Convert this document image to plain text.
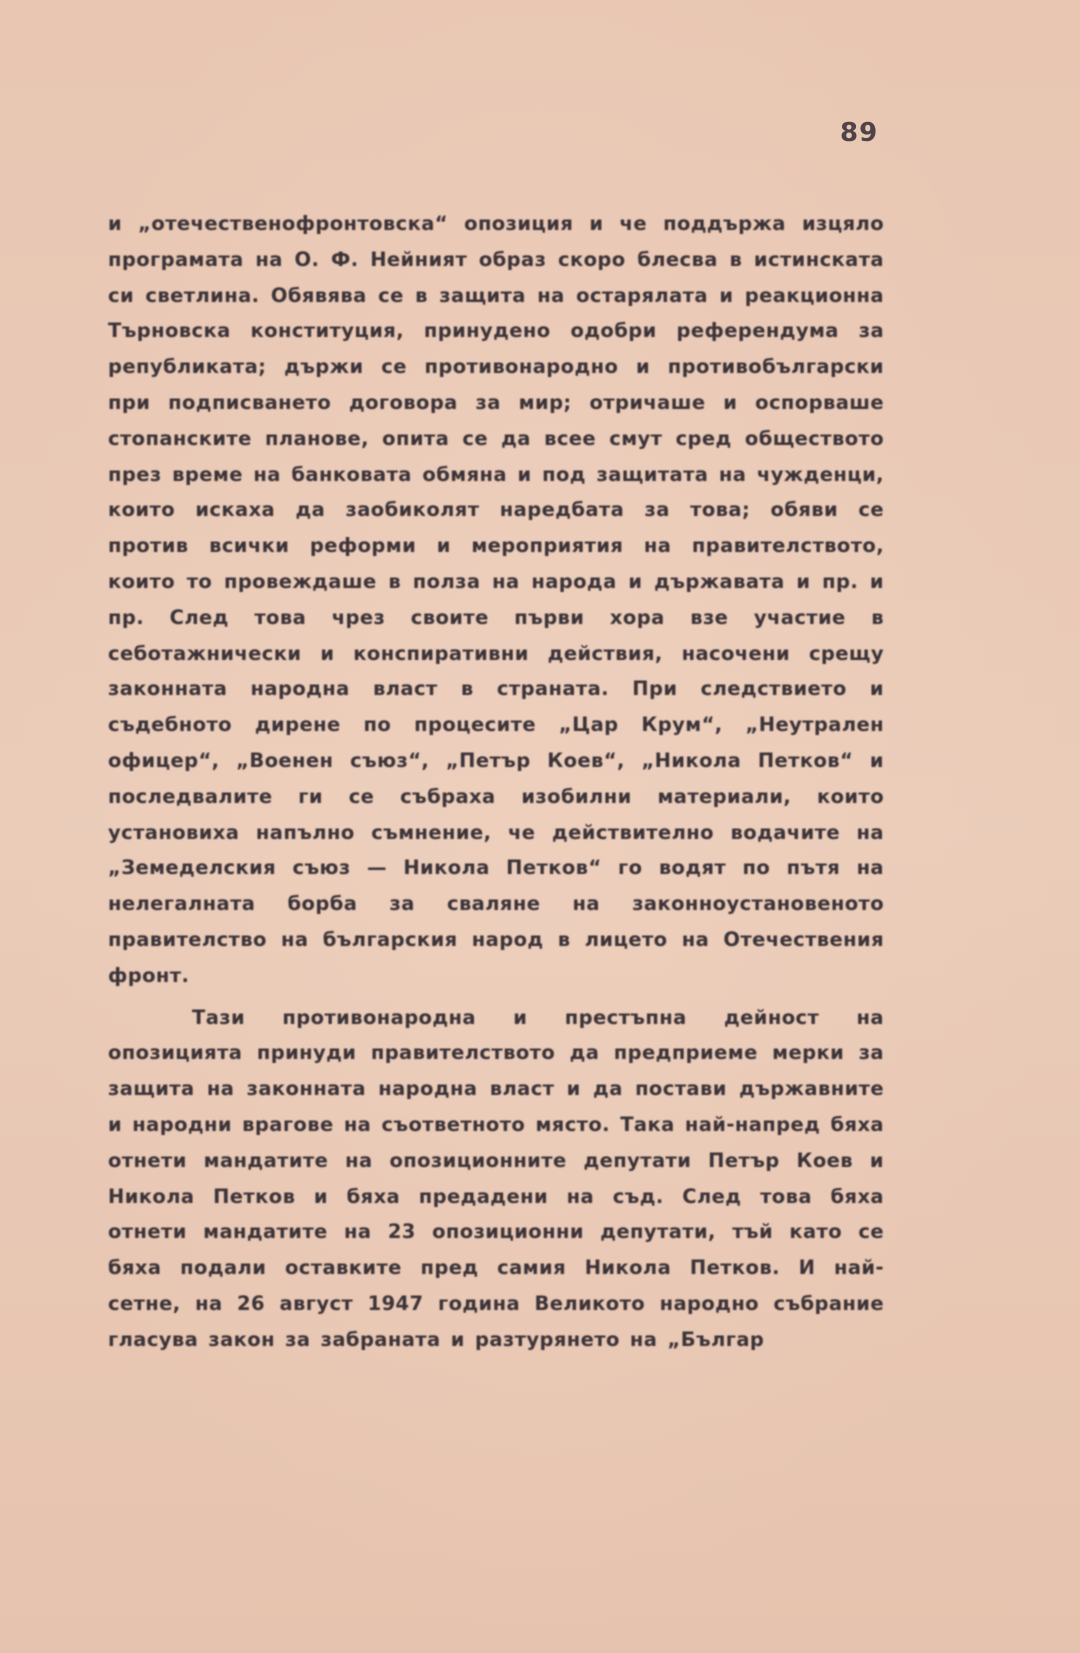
89

и „отечественофронтовска“ опозиция и че поддържа изцяло програмата на О. Ф. Нейният образ скоро блесва в истинската си светлина. Обявява се в защита на остарялата и реакционна Търновска конституция, принудено одобри референдума за републиката; държи се противонародно и противобългарски при подписването договора за мир; отричаше и оспорваше стопанските планове, опита се да всее смут сред обществото през време на банковата обмяна и под защитата на чужденци, които искаха да заобиколят наредбата за това; обяви се против всички реформи и мероприятия на правителството, които то провеждаше в полза на народа и държавата и пр. и пр. След това чрез своите първи хора взе участие в себотажнически и конспиративни действия, насочени срещу законната народна власт в страната. При следствието и съдебното дирене по процесите „Цар Крум“, „Неутрален офицер“, „Военен съюз“, „Петър Коев“, „Никола Петков“ и последвалите ги се събраха изобилни материали, които установиха напълно съмнение, че действително водачите на „Земеделския съюз — Никола Петков“ го водят по пътя на нелегалната борба за сваляне на законноустановеното правителство на българския народ в лицето на Отечествения фронт.

Тази противонародна и престъпна дейност на опозицията принуди правителството да предприеме мерки за защита на законната народна власт и да постави държавните и народни врагове на съответното място. Така най-напред бяха отнети мандатите на опозиционните депутати Петър Коев и Никола Петков и бяха предадени на съд. След това бяха отнети мандатите на 23 опозиционни депутати, тъй като се бяха подали оставките пред самия Никола Петков. И най-сетне, на 26 август 1947 година Великото народно събрание гласува закон за забраната и разтурянето на „Българ
